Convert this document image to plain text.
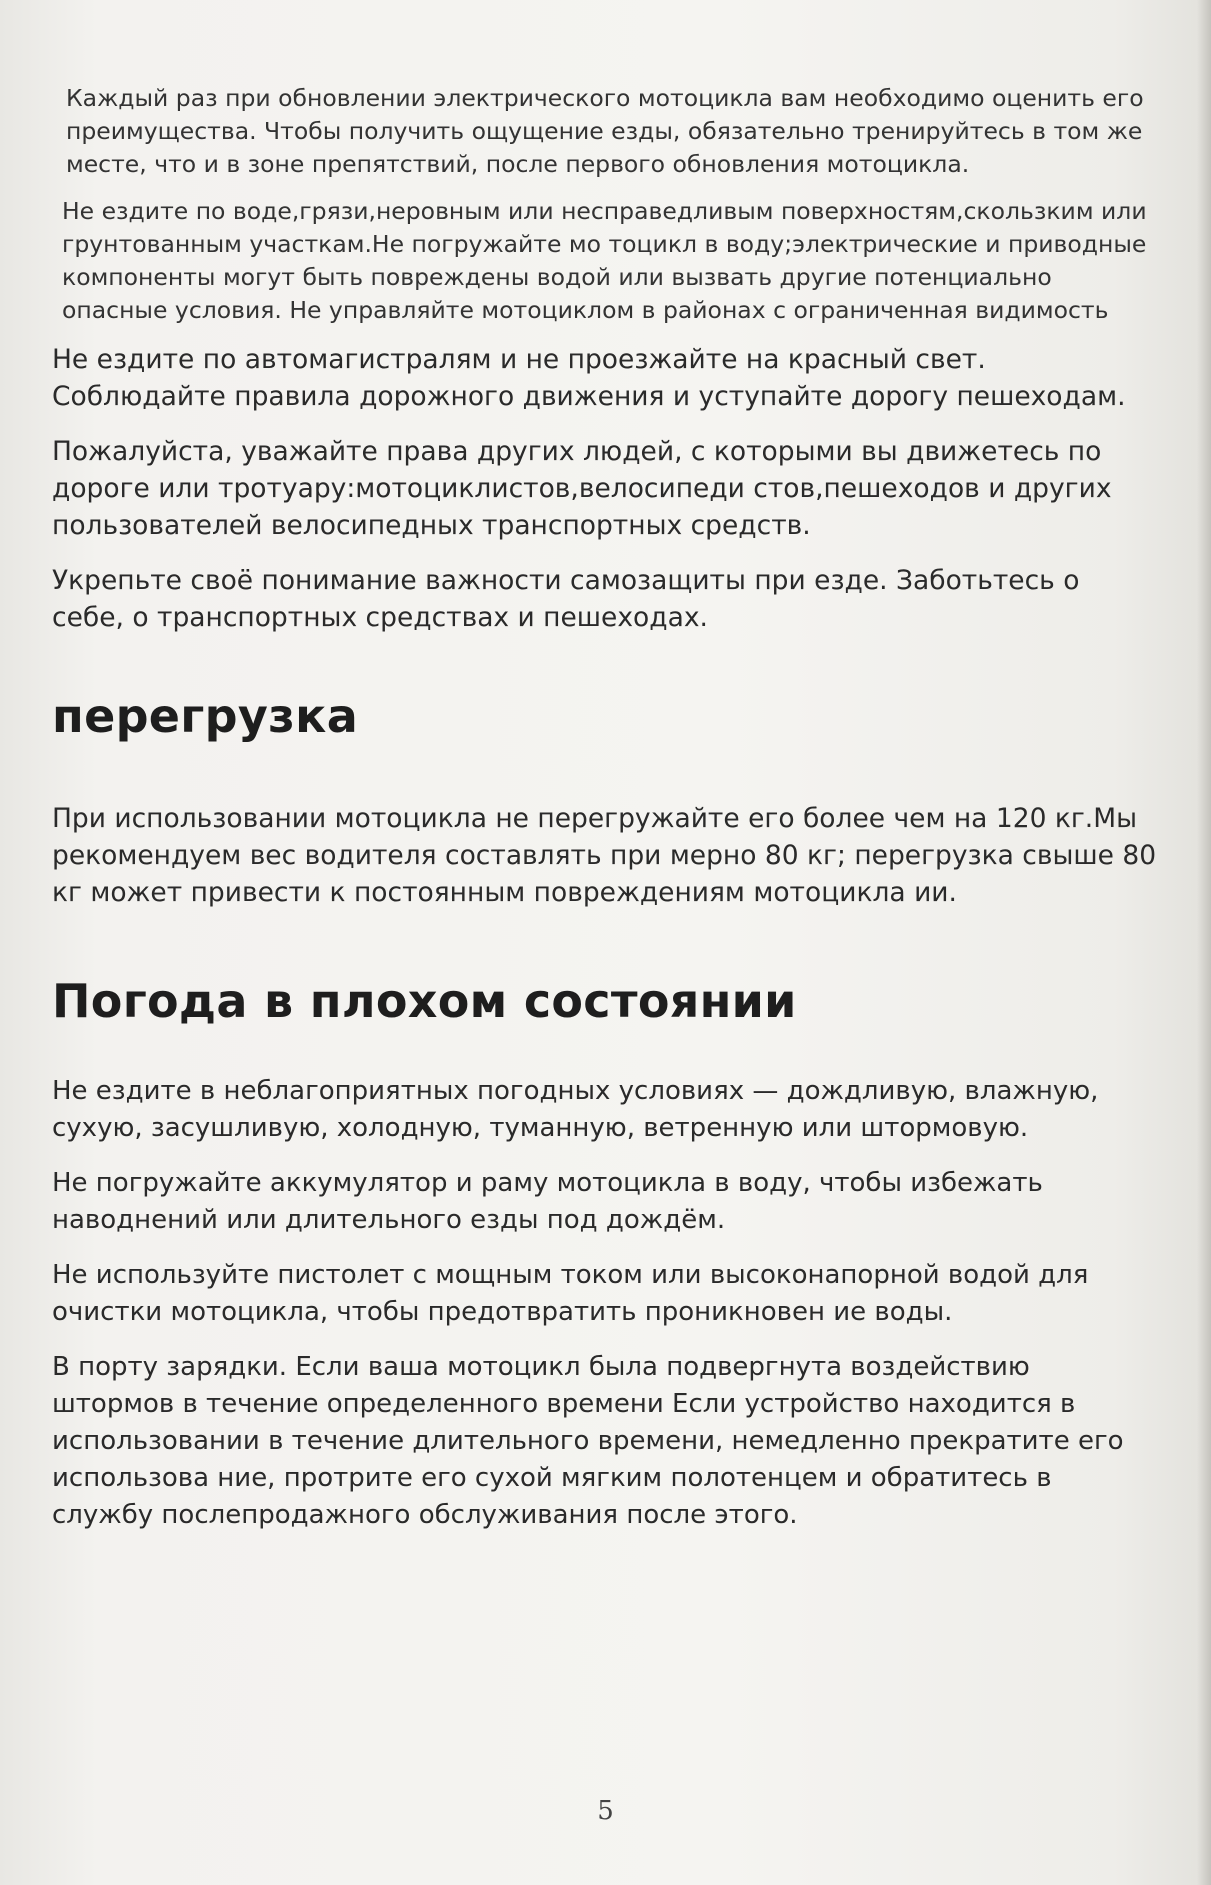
Каждый раз при обновлении электрического мотоцикла вам необходимо оценить его преимущества. Чтобы получить ощущение езды, обязательно тренируйтесь в том же месте, что и в зоне препятствий, после первого обновления мотоцикла.

Не ездите по воде,грязи,неровным или несправедливым поверхностям,скользким или грунтованным участкам.Не погружайте мо тоцикл в воду;электрические и приводные компоненты могут быть повреждены водой или вызвать другие потенциально опасные условия. Не управляйте мотоциклом в районах с ограниченная видимость

Не ездите по автомагистралям и не проезжайте на красный свет. Соблюдайте правила дорожного движения и уступайте дорогу пешеходам.

Пожалуйста, уважайте права других людей, с которыми вы движетесь по дороге или тротуару:мотоциклистов,велосипеди стов,пешеходов и других пользователей велосипедных транспортных средств.

Укрепьте своё понимание важности самозащиты при езде. Заботьтесь о себе, о транспортных средствах и пешеходах.

перегрузка

При использовании мотоцикла не перегружайте его более чем на 120 кг.Мы рекомендуем вес водителя составлять при мерно 80 кг; перегрузка свыше 80 кг может привести к постоянным повреждениям мотоцикла ии.

Погода в плохом состоянии

Не ездите в неблагоприятных погодных условиях — дождливую, влажную, сухую, засушливую, холодную, туманную, ветренную или штормовую.

Не погружайте аккумулятор и раму мотоцикла в воду, чтобы избежать наводнений или длительного езды под дождём.

Не используйте пистолет с мощным током или высоконапорной водой для очистки мотоцикла, чтобы предотвратить проникновен ие воды.

В порту зарядки. Если ваша мотоцикл была подвергнута воздействию штормов в течение определенного времени Если устройство находится в использовании в течение длительного времени, немедленно прекратите его использова ние, протрите его сухой мягким полотенцем и обратитесь в службу послепродажного обслуживания после этого.

5
